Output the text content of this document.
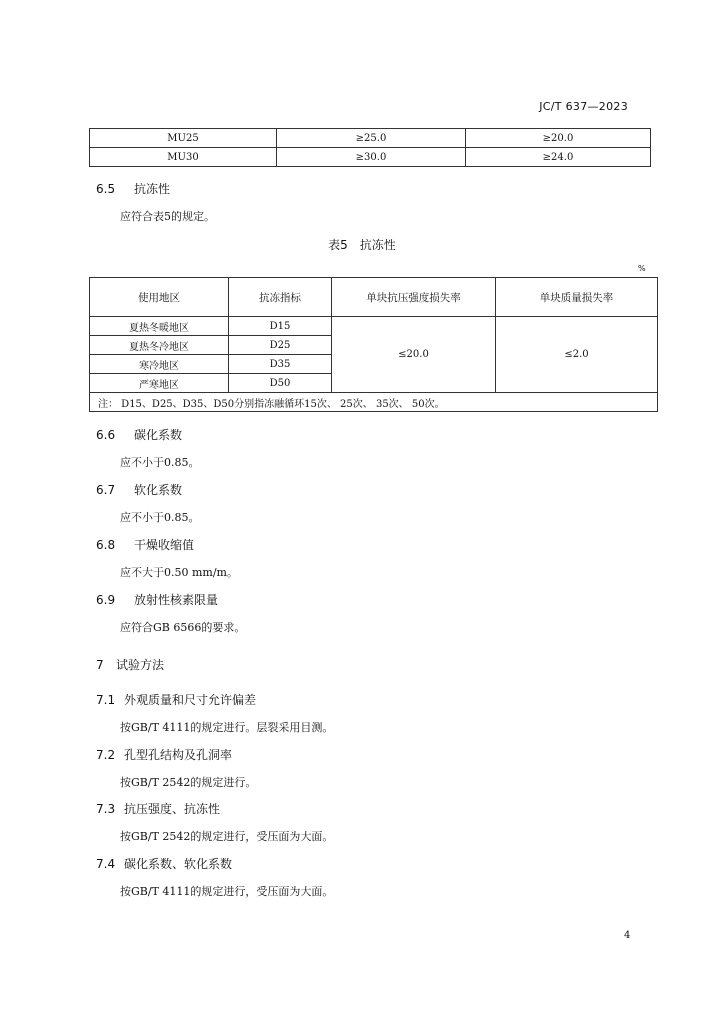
JC/T 637—2023
MU25	≥25.0	≥20.0
MU30	≥30.0	≥24.0
6.5 抗冻性
应符合表5的规定。
表5　抗冻性
%
使用地区	抗冻指标	单块抗压强度损失率	单块质量损失率
夏热冬暖地区	D15	≤20.0	≤2.0
夏热冬冷地区	D25		
寒冷地区	D35		
严寒地区	D50		
注： D15、D25、D35、D50分别指冻融循环15次、 25次、 35次、 50次。			
6.6 碳化系数
应不小于0.85。
6.7 软化系数
应不小于0.85。
6.8 干燥收缩值
应不大于0.50 mm/m。
6.9 放射性核素限量
应符合GB 6566的要求。
7 试验方法
7.1 外观质量和尺寸允许偏差
按GB/T 4111的规定进行。层裂采用目测。
7.2 孔型孔结构及孔洞率
按GB/T 2542的规定进行。
7.3 抗压强度、抗冻性
按GB/T 2542的规定进行，受压面为大面。
7.4 碳化系数、软化系数
按GB/T 4111的规定进行，受压面为大面。
4
